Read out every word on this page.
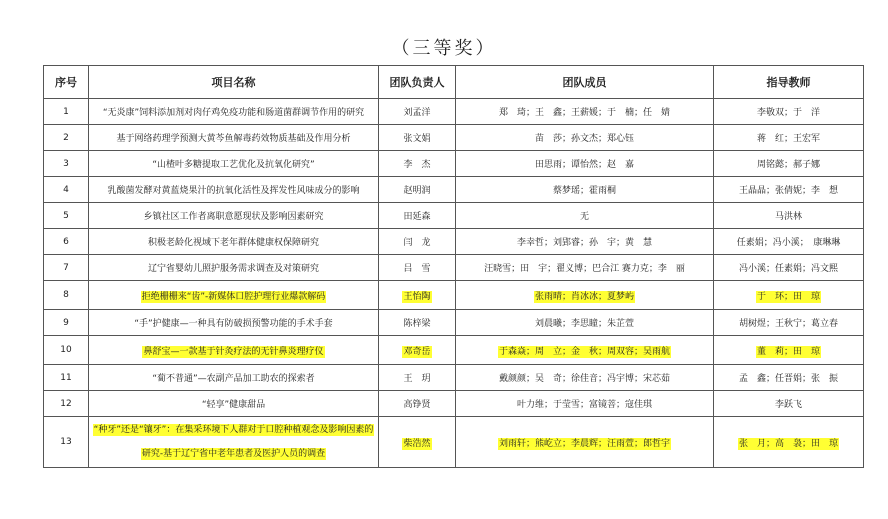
（三等奖）
序号	项目名称	团队负责人	团队成员	指导教师
1	“无炎康”饲料添加剂对肉仔鸡免疫功能和肠道菌群调节作用的研究	刘孟洋	郑　琦；王　鑫；王薪媛；于　楠；任　婧	李敬双；于　洋
2	基于网络药理学预测大黄芩鱼解毒药效物质基础及作用分析	张文娟	苗　莎；孙文杰；郑心钰	蒋　红；王宏军
3	“山楂叶多糖提取工艺优化及抗氧化研究”	李　杰	田思雨；谭怡然；赵　嘉	周铭懿；郝子娜
4	乳酸菌发酵对黄蓝烧果汁的抗氧化活性及挥发性风味成分的影响	赵明润	蔡梦瑶；霍雨桐	王晶晶；张倩妮；李　想
5	乡镇社区工作者离职意愿现状及影响因素研究	田延森	无	马洪林
6	积极老龄化视域下老年群体健康权保障研究	闫　龙	李幸哲；刘郢睿；孙　宇；黄　慧	任素娟；冯小溪；　康琳琳
7	辽宁省婴幼儿照护服务需求调查及对策研究	吕　雪	汪晓雪；田　宇；翟义博；巴合江 赛力克；李　丽	冯小溪；任素娟；冯文熙
8	拒绝栅栅来“齿”-新媒体口腔护理行业爆款解码	王怡陶	张雨晴；肖冰冰；夏梦屿	于　环；田　琼
9	“手”护健康—一种具有防破损预警功能的手术手套	陈梓梁	刘晨曦；李思瞳；朱芷萱	胡树煜；王秋宁；葛立春
10	鼻舒宝—一款基于针灸疗法的无针鼻炎理疗仪	邓奇岳	于森焱；周　立；金　秋；周双容；吴雨航	董　莉；田　琼
11	“蔔不普通”—农副产品加工助农的探索者	王　玥	戴颜颜；吴　奇；徐佳音；冯宇博；宋芯茹	孟　鑫；任晋娟；张　振
12	“轻享”健康甜品	高铮贤	叶力维；于莹雪；富镜菩；寇佳琪	李跃飞
13	“种牙”还是“镶牙”：在集采环境下人群对于口腔种植观念及影响因素的
研究-基于辽宁省中老年患者及医护人员的调查	柴浩然	刘雨轩；熊屹立；李晨辉；汪雨萱；郎哲宇	张　月；高　袅；田　琼
